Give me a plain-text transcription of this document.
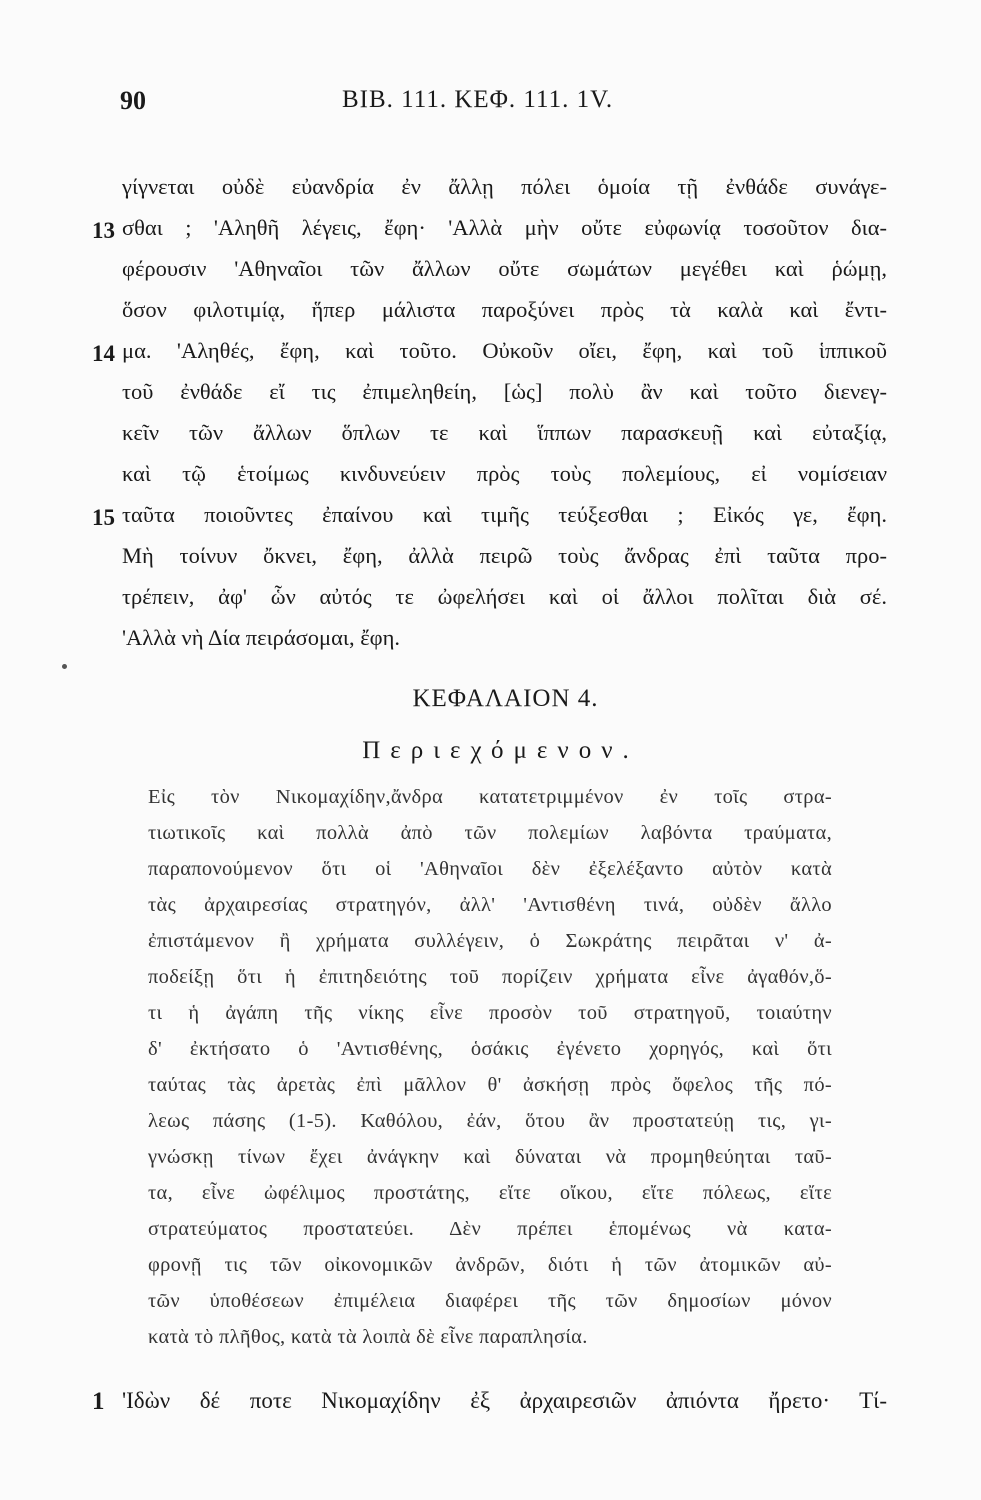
90	ΒΙΒ. 111. ΚΕΦ. 111. 1V.
γίγνεται οὐδὲ εὐανδρία ἐν ἄλλῃ πόλει ὁμοία τῇ ἐνθάδε συνάγε-
σθαι ; 'Αληθῆ λέγεις, ἔφη· 'Αλλὰ μὴν οὔτε εὐφωνίᾳ τοσοῦτον δια-
φέρουσιν 'Αθηναῖοι τῶν ἄλλων οὔτε σωμάτων μεγέθει καὶ ῥώμῃ,
ὅσον φιλοτιμίᾳ, ἥπερ μάλιστα παροξύνει πρὸς τὰ καλὰ καὶ ἔντι-
μα. 'Αληθές, ἔφη, καὶ τοῦτο. Οὐκοῦν οἴει, ἔφη, καὶ τοῦ ἱππικοῦ
τοῦ ἐνθάδε εἴ τις ἐπιμεληθείη, [ὡς] πολὺ ἂν καὶ τοῦτο διενεγ-
κεῖν τῶν ἄλλων ὅπλων τε καὶ ἵππων παρασκευῇ καὶ εὐταξίᾳ,
καὶ τῷ ἑτοίμως κινδυνεύειν πρὸς τοὺς πολεμίους, εἰ νομίσειαν
ταῦτα ποιοῦντες ἐπαίνου καὶ τιμῆς τεύξεσθαι ; Εἰκός γε, ἔφη.
Μὴ τοίνυν ὄκνει, ἔφη, ἀλλὰ πειρῶ τοὺς ἄνδρας ἐπὶ ταῦτα προ-
τρέπειν, ἀφ' ὧν αὐτός τε ὠφελήσει καὶ οἱ ἄλλοι πολῖται διὰ σέ.
'Αλλὰ νὴ Δία πειράσομαι, ἔφη.
13
14
15
ΚΕΦΑΛΑΙΟΝ 4.
Περιεχόμενον.
Εἰς τὸν Νικομαχίδην,ἄνδρα κατατετριμμένον ἐν τοῖς στρα-
τιωτικοῖς καὶ πολλὰ ἀπὸ τῶν πολεμίων λαβόντα τραύματα,
παραπονούμενον ὅτι οἱ 'Αθηναῖοι δὲν ἐξελέξαντο αὐτὸν κατὰ
τὰς ἀρχαιρεσίας στρατηγόν, ἀλλ' 'Αντισθένη τινά, οὐδὲν ἄλλο
ἐπιστάμενον ἢ χρήματα συλλέγειν, ὁ Σωκράτης πειρᾶται ν' ἀ-
ποδείξῃ ὅτι ἡ ἐπιτηδειότης τοῦ πορίζειν χρήματα εἶνε ἀγαθόν,ὅ-
τι ἡ ἀγάπη τῆς νίκης εἶνε προσὸν τοῦ στρατηγοῦ, τοιαύτην
δ' ἐκτήσατο ὁ 'Αντισθένης, ὁσάκις ἐγένετο χορηγός, καὶ ὅτι
ταύτας τὰς ἀρετὰς ἐπὶ μᾶλλον θ' ἀσκήσῃ πρὸς ὄφελος τῆς πό-
λεως πάσης (1-5). Καθόλου, ἐάν, ὅτου ἂν προστατεύῃ τις, γι-
γνώσκῃ τίνων ἔχει ἀνάγκην καὶ δύναται νὰ προμηθεύηται ταῦ-
τα, εἶνε ὠφέλιμος προστάτης, εἴτε οἴκου, εἴτε πόλεως, εἴτε
στρατεύματος προστατεύει. Δὲν πρέπει ἑπομένως νὰ κατα-
φρονῇ τις τῶν οἰκονομικῶν ἀνδρῶν, διότι ἡ τῶν ἀτομικῶν αὐ-
τῶν ὑποθέσεων ἐπιμέλεια διαφέρει τῆς τῶν δημοσίων μόνον
κατὰ τὸ πλῆθος, κατὰ τὰ λοιπὰ δὲ εἶνε παραπλησία.
1 'Ιδὼν δέ ποτε Νικομαχίδην ἐξ ἀρχαιρεσιῶν ἀπιόντα ἤρετο· Τί-
